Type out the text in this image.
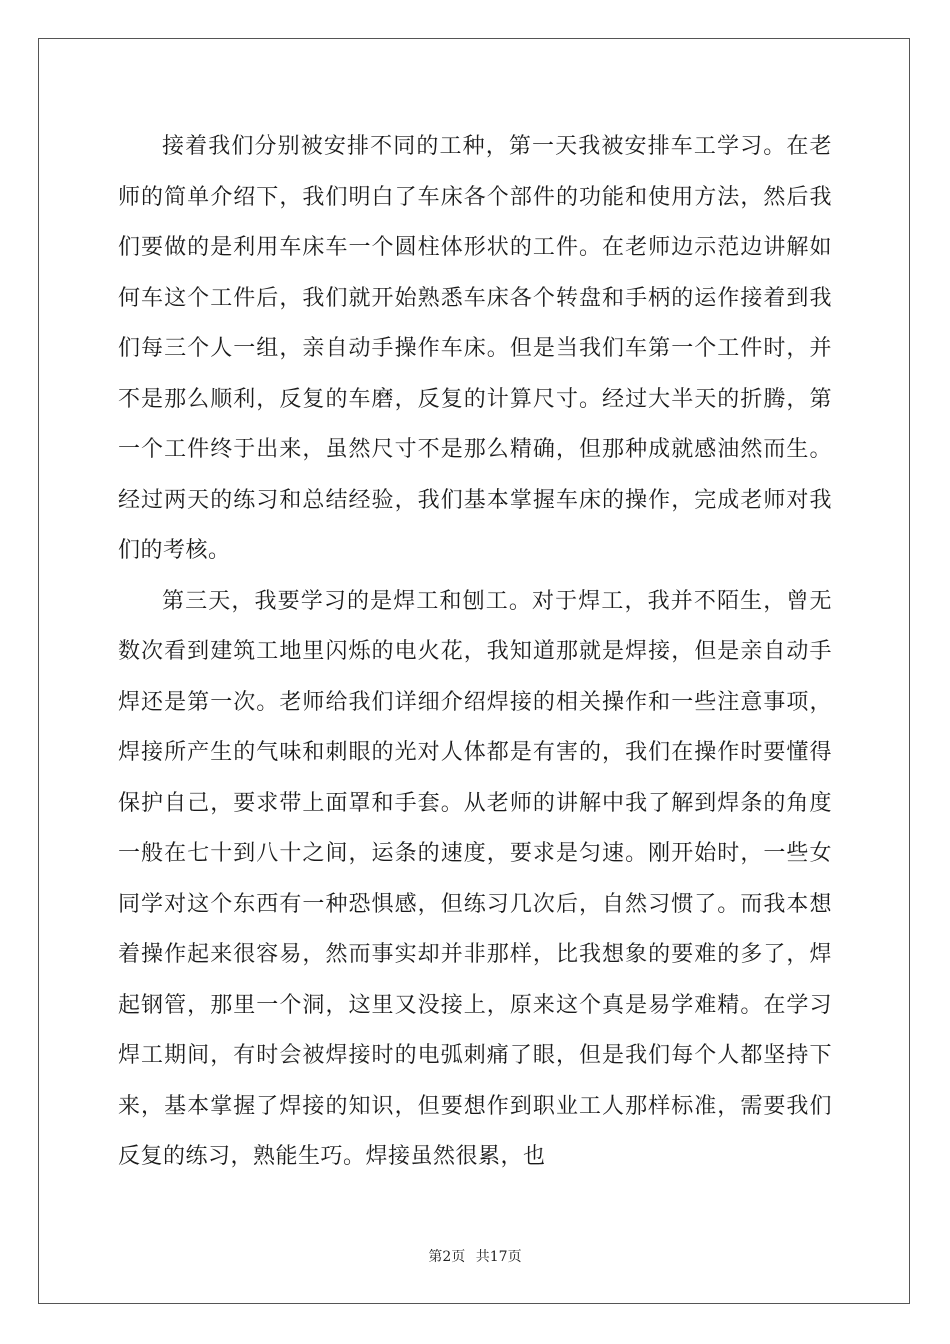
接着我们分别被安排不同的工种，第一天我被安排车工学习。在老师的简单介绍下，我们明白了车床各个部件的功能和使用方法，然后我们要做的是利用车床车一个圆柱体形状的工件。在老师边示范边讲解如何车这个工件后，我们就开始熟悉车床各个转盘和手柄的运作接着到我们每三个人一组，亲自动手操作车床。但是当我们车第一个工件时，并不是那么顺利，反复的车磨，反复的计算尺寸。经过大半天的折腾，第一个工件终于出来，虽然尺寸不是那么精确，但那种成就感油然而生。经过两天的练习和总结经验，我们基本掌握车床的操作，完成老师对我们的考核。

第三天，我要学习的是焊工和刨工。对于焊工，我并不陌生，曾无数次看到建筑工地里闪烁的电火花，我知道那就是焊接，但是亲自动手焊还是第一次。老师给我们详细介绍焊接的相关操作和一些注意事项，焊接所产生的气味和刺眼的光对人体都是有害的，我们在操作时要懂得保护自己，要求带上面罩和手套。从老师的讲解中我了解到焊条的角度一般在七十到八十之间，运条的速度，要求是匀速。刚开始时，一些女同学对这个东西有一种恐惧感，但练习几次后，自然习惯了。而我本想着操作起来很容易，然而事实却并非那样，比我想象的要难的多了，焊起钢管，那里一个洞，这里又没接上，原来这个真是易学难精。在学习焊工期间，有时会被焊接时的电弧刺痛了眼，但是我们每个人都坚持下来，基本掌握了焊接的知识，但要想作到职业工人那样标准，需要我们反复的练习，熟能生巧。焊接虽然很累，也

第2页 共17页
